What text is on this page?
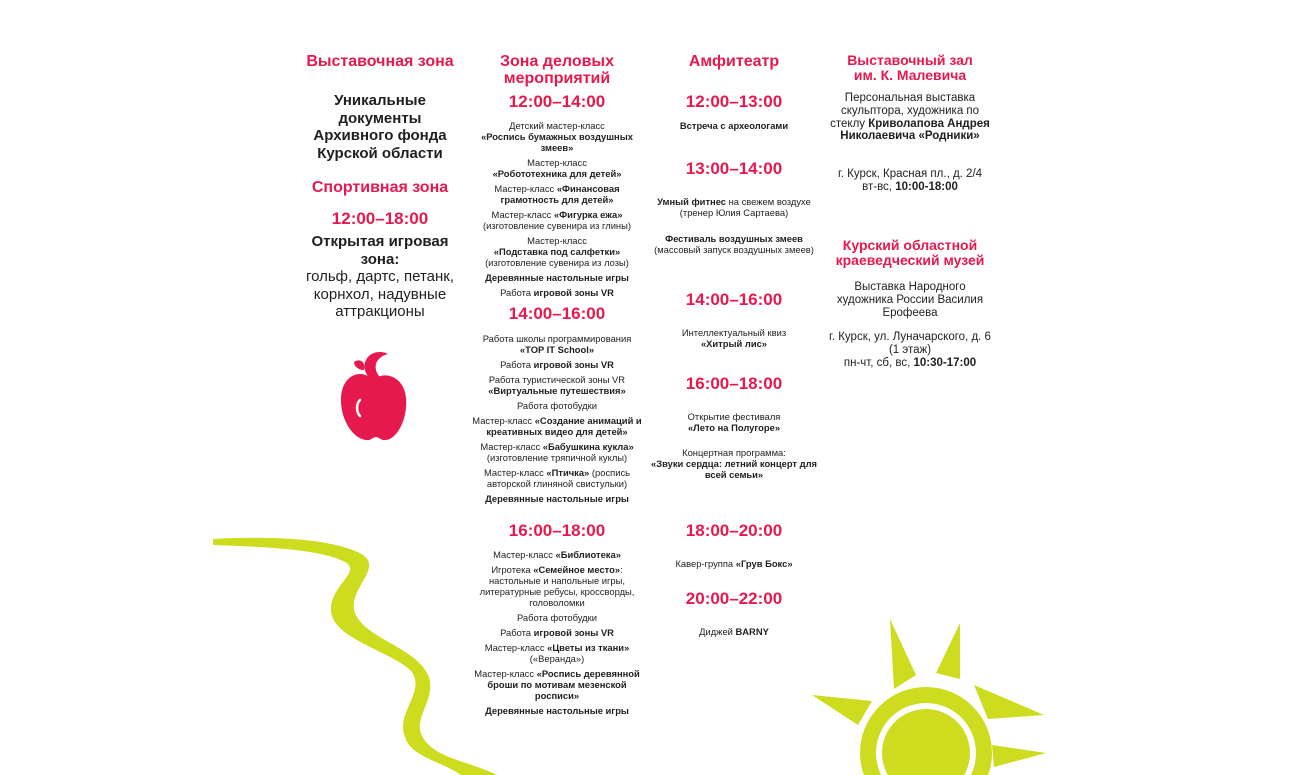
Выставочная зона
Уникальные
документы
Архивного фонда
Курской области
Спортивная зона
12:00–18:00
Открытая игровая
зона:
гольф, дартс, петанк,
корнхол, надувные
аттракционы
Зона деловых
мероприятий
12:00–14:00
Детский мастер-класс
«Роспись бумажных воздушных змеев»
Мастер-класс
«Робототехника для детей»
Мастер-класс «Финансовая грамотность для детей»
Мастер-класс «Фигурка ежа»
(изготовление сувенира из глины)
Мастер-класс
«Подставка под салфетки»
(изготовление сувенира из лозы)
Деревянные настольные игры
Работа игровой зоны VR
14:00–16:00
Работа школы программирования
«TOP IT School»
Работа игровой зоны VR
Работа туристической зоны VR
«Виртуальные путешествия»
Работа фотобудки
Мастер-класс «Создание анимаций и креативных видео для детей»
Мастер-класс «Бабушкина кукла»
(изготовление тряпичной куклы)
Мастер-класс «Птичка» (роспись авторской глиняной свистульки)
Деревянные настольные игры
16:00–18:00
Мастер-класс «Библиотека»
Игротека «Семейное место»: настольные и напольные игры, литературные ребусы, кроссворды, головоломки
Работа фотобудки
Работа игровой зоны VR
Мастер-класс «Цветы из ткани»
(«Веранда»)
Мастер-класс «Роспись деревянной броши по мотивам мезенской росписи»
Деревянные настольные игры
Амфитеатр
12:00–13:00
Встреча с археологами
13:00–14:00
Умный фитнес на свежем воздухе (тренер Юлия Сартаева)
Фестиваль воздушных змеев
(массовый запуск воздушных змеев)
14:00–16:00
Интеллектуальный квиз
«Хитрый лис»
16:00–18:00
Открытие фестиваля
«Лето на Полугоре»
Концертная программа:
«Звуки сердца: летний концерт для всей семьи»
18:00–20:00
Кавер-группа «Грув Бокс»
20:00–22:00
Диджей BARNY
Выставочный зал
им. К. Малевича
Персональная выставка скульптора, художника по стеклу Криволапова Андрея Николаевича «Родники»
г. Курск, Красная пл., д. 2/4
вт-вс, 10:00-18:00
Курский областной
краеведческий музей
Выставка Народного художника России Василия Ерофеева
г. Курск, ул. Луначарского, д. 6 (1 этаж)
пн-чт, сб, вс, 10:30-17:00
